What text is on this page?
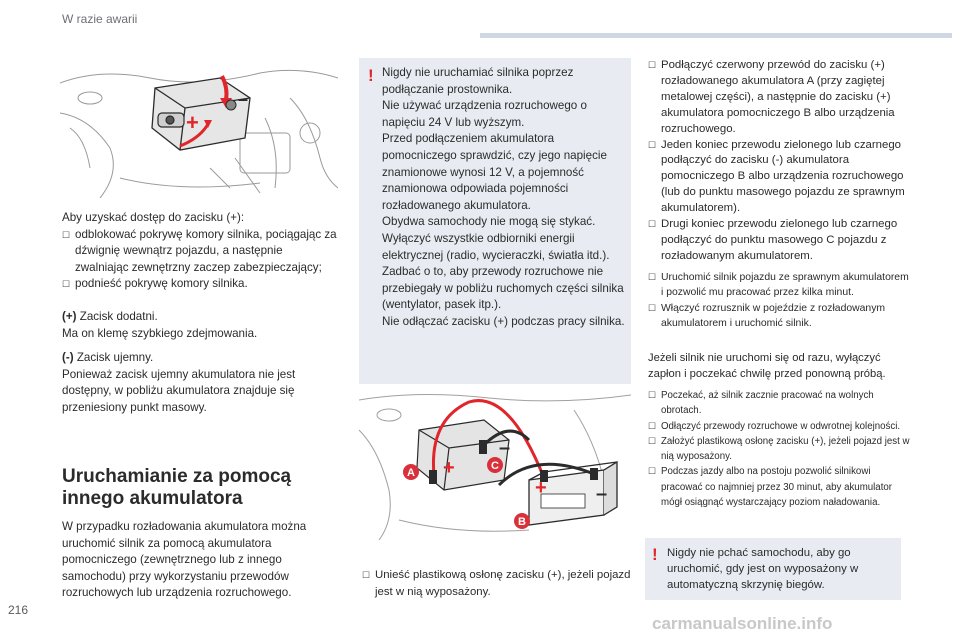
W razie awarii
+
–

Aby uzyskać dostęp do zacisku (+):

☐ odblokować pokrywę komory silnika, pociągając za dźwignię wewnątrz pojazdu, a następnie zwalniając zewnętrzny zaczep zabezpieczający;

☐ podnieść pokrywę komory silnika.

(+) Zacisk dodatni.

Ma on klemę szybkiego zdejmowania.

(-) Zacisk ujemny.

Ponieważ zacisk ujemny akumulatora nie jest dostępny, w pobliżu akumulatora znajduje się przeniesiony punkt masowy.

Uruchamianie za pomocą
innego akumulatora

W przypadku rozładowania akumulatora można uruchomić silnik za pomocą akumulatora pomocniczego (zewnętrznego lub z innego samochodu) przy wykorzystaniu przewodów rozruchowych lub urządzenia rozruchowego.

! Nigdy nie uruchamiać silnika poprzez podłączanie prostownika.
Nie używać urządzenia rozruchowego o napięciu 24 V lub wyższym.
Przed podłączeniem akumulatora pomocniczego sprawdzić, czy jego napięcie znamionowe wynosi 12 V, a pojemność znamionowa odpowiada pojemności rozładowanego akumulatora.
Obydwa samochody nie mogą się stykać.
Wyłączyć wszystkie odbiorniki energii elektrycznej (radio, wycieraczki, światła itd.).
Zadbać o to, aby przewody rozruchowe nie przebiegały w pobliżu ruchomych części silnika (wentylator, pasek itp.).
Nie odłączać zacisku (+) podczas pracy silnika.

+
+
–
–
A
C
B

☐ Unieść plastikową osłonę zacisku (+), jeżeli pojazd jest w nią wyposażony.

☐ Podłączyć czerwony przewód do zacisku (+) rozładowanego akumulatora A (przy zagiętej metalowej części), a następnie do zacisku (+) akumulatora pomocniczego B albo urządzenia rozruchowego.

☐ Jeden koniec przewodu zielonego lub czarnego podłączyć do zacisku (-) akumulatora pomocniczego B albo urządzenia rozruchowego (lub do punktu masowego pojazdu ze sprawnym akumulatorem).

☐ Drugi koniec przewodu zielonego lub czarnego podłączyć do punktu masowego C pojazdu z rozładowanym akumulatorem.

☐ Uruchomić silnik pojazdu ze sprawnym akumulatorem i pozwolić mu pracować przez kilka minut.

☐ Włączyć rozrusznik w pojeździe z rozładowanym akumulatorem i uruchomić silnik.

Jeżeli silnik nie uruchomi się od razu, wyłączyć zapłon i poczekać chwilę przed ponowną próbą.

☐ Poczekać, aż silnik zacznie pracować na wolnych obrotach.

☐ Odłączyć przewody rozruchowe w odwrotnej kolejności.

☐ Założyć plastikową osłonę zacisku (+), jeżeli pojazd jest w nią wyposażony.

☐ Podczas jazdy albo na postoju pozwolić silnikowi pracować co najmniej przez 30 minut, aby akumulator mógł osiągnąć wystarczający poziom naładowania.

! Nigdy nie pchać samochodu, aby go uruchomić, gdy jest on wyposażony w automatyczną skrzynię biegów.

216
carmanualsonline.info
